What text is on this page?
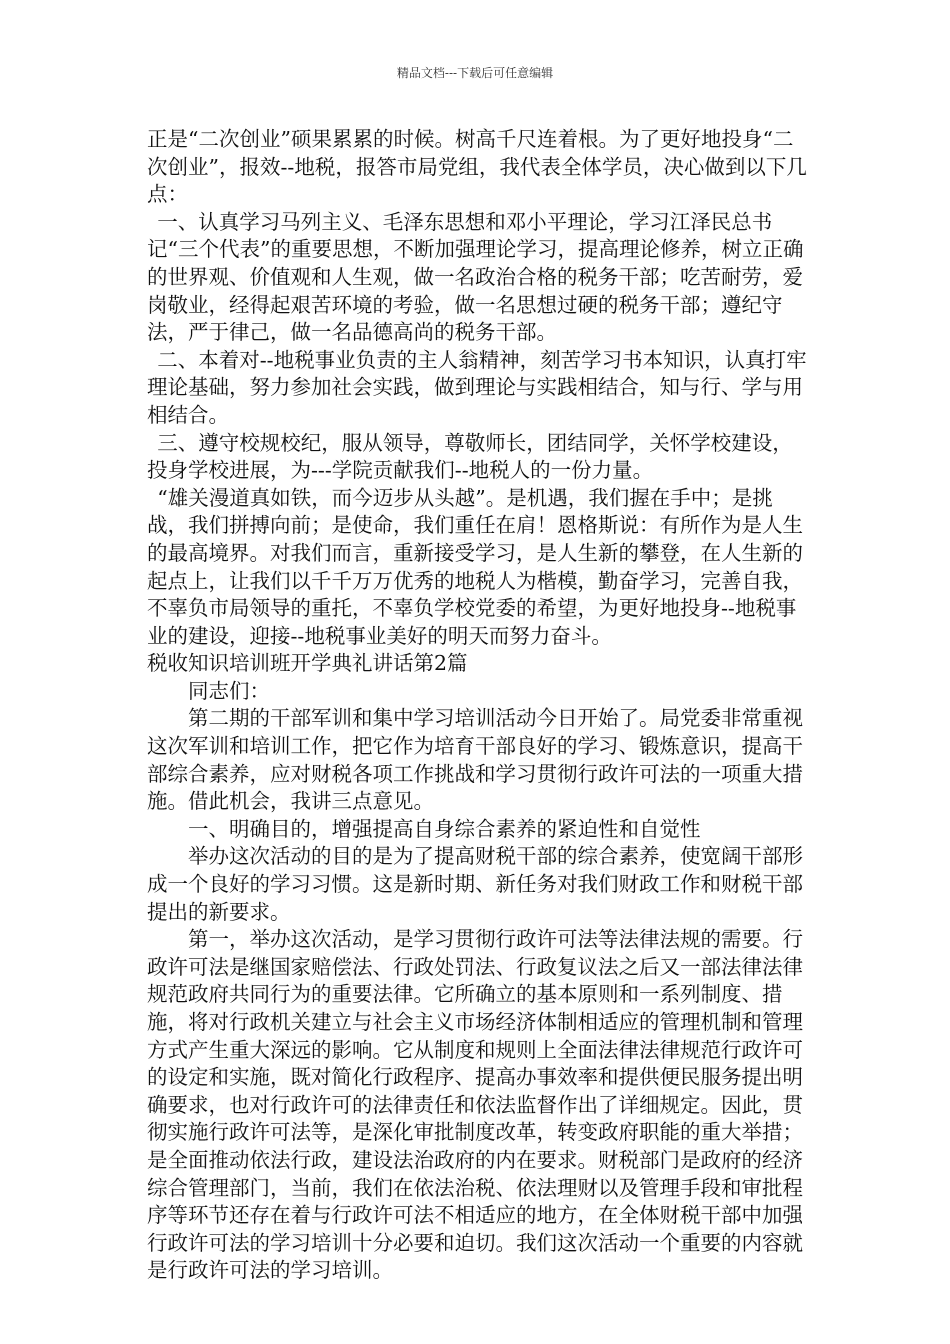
精品文档---下载后可任意编辑

正是“二次创业”硕果累累的时候。树高千尺连着根。为了更好地投身“二次创业”，报效--地税，报答市局党组，我代表全体学员，决心做到以下几点：

一、认真学习马列主义、毛泽东思想和邓小平理论，学习江泽民总书记“三个代表”的重要思想，不断加强理论学习，提高理论修养，树立正确的世界观、价值观和人生观，做一名政治合格的税务干部；吃苦耐劳，爱岗敬业，经得起艰苦环境的考验，做一名思想过硬的税务干部；遵纪守法，严于律己，做一名品德高尚的税务干部。

二、本着对--地税事业负责的主人翁精神，刻苦学习书本知识，认真打牢理论基础，努力参加社会实践，做到理论与实践相结合，知与行、学与用相结合。

三、遵守校规校纪，服从领导，尊敬师长，团结同学，关怀学校建设，投身学校进展，为---学院贡献我们--地税人的一份力量。

“雄关漫道真如铁，而今迈步从头越”。是机遇，我们握在手中；是挑战，我们拼搏向前；是使命，我们重任在肩！恩格斯说：有所作为是人生的最高境界。对我们而言，重新接受学习，是人生新的攀登，在人生新的起点上，让我们以千千万万优秀的地税人为楷模，勤奋学习，完善自我，不辜负市局领导的重托，不辜负学校党委的希望，为更好地投身--地税事业的建设，迎接--地税事业美好的明天而努力奋斗。

税收知识培训班开学典礼讲话第2篇

同志们：

第二期的干部军训和集中学习培训活动今日开始了。局党委非常重视这次军训和培训工作，把它作为培育干部良好的学习、锻炼意识，提高干部综合素养，应对财税各项工作挑战和学习贯彻行政许可法的一项重大措施。借此机会，我讲三点意见。

一、明确目的，增强提高自身综合素养的紧迫性和自觉性

举办这次活动的目的是为了提高财税干部的综合素养，使宽阔干部形成一个良好的学习习惯。这是新时期、新任务对我们财政工作和财税干部提出的新要求。

第一，举办这次活动，是学习贯彻行政许可法等法律法规的需要。行政许可法是继国家赔偿法、行政处罚法、行政复议法之后又一部法律法律规范政府共同行为的重要法律。它所确立的基本原则和一系列制度、措施，将对行政机关建立与社会主义市场经济体制相适应的管理机制和管理方式产生重大深远的影响。它从制度和规则上全面法律法律规范行政许可的设定和实施，既对简化行政程序、提高办事效率和提供便民服务提出明确要求，也对行政许可的法律责任和依法监督作出了详细规定。因此，贯彻实施行政许可法等，是深化审批制度改革，转变政府职能的重大举措；是全面推动依法行政，建设法治政府的内在要求。财税部门是政府的经济综合管理部门，当前，我们在依法治税、依法理财以及管理手段和审批程序等环节还存在着与行政许可法不相适应的地方，在全体财税干部中加强行政许可法的学习培训十分必要和迫切。我们这次活动一个重要的内容就是行政许可法的学习培训。
